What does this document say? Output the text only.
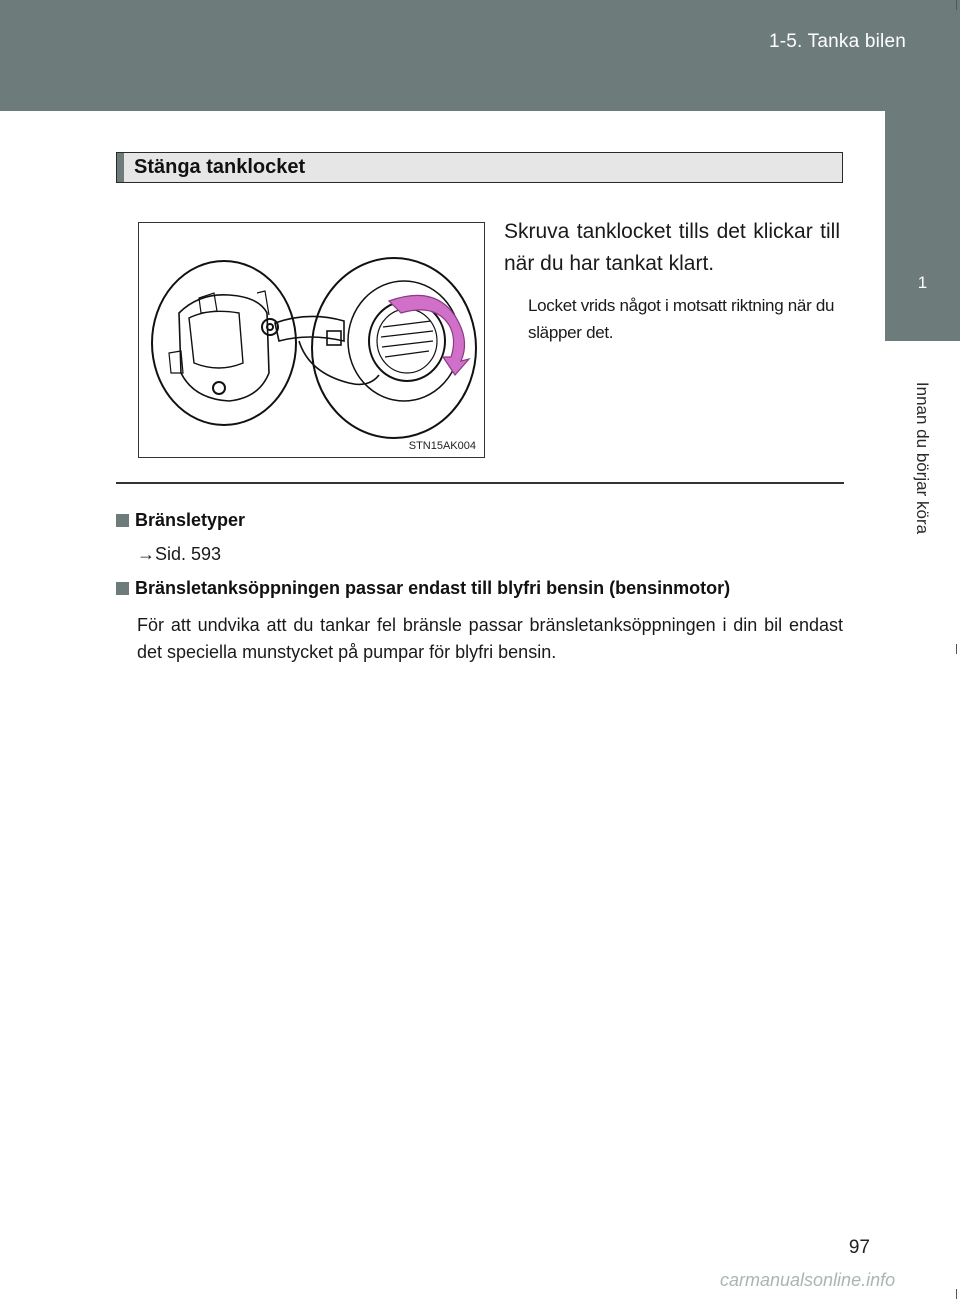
1-5. Tanka bilen
1
Innan du börjar köra
Stänga tanklocket
STN15AK004
Skruva tanklocket tills det klickar till när du har tankat klart.
Locket vrids något i motsatt riktning när du släpper det.
Bränsletyper
→Sid. 593
Bränsletanksöppningen passar endast till blyfri bensin (bensinmotor)
För att undvika att du tankar fel bränsle passar bränsletanksöppningen i din bil endast det speciella munstycket på pumpar för blyfri bensin.
97
carmanualsonline.info
